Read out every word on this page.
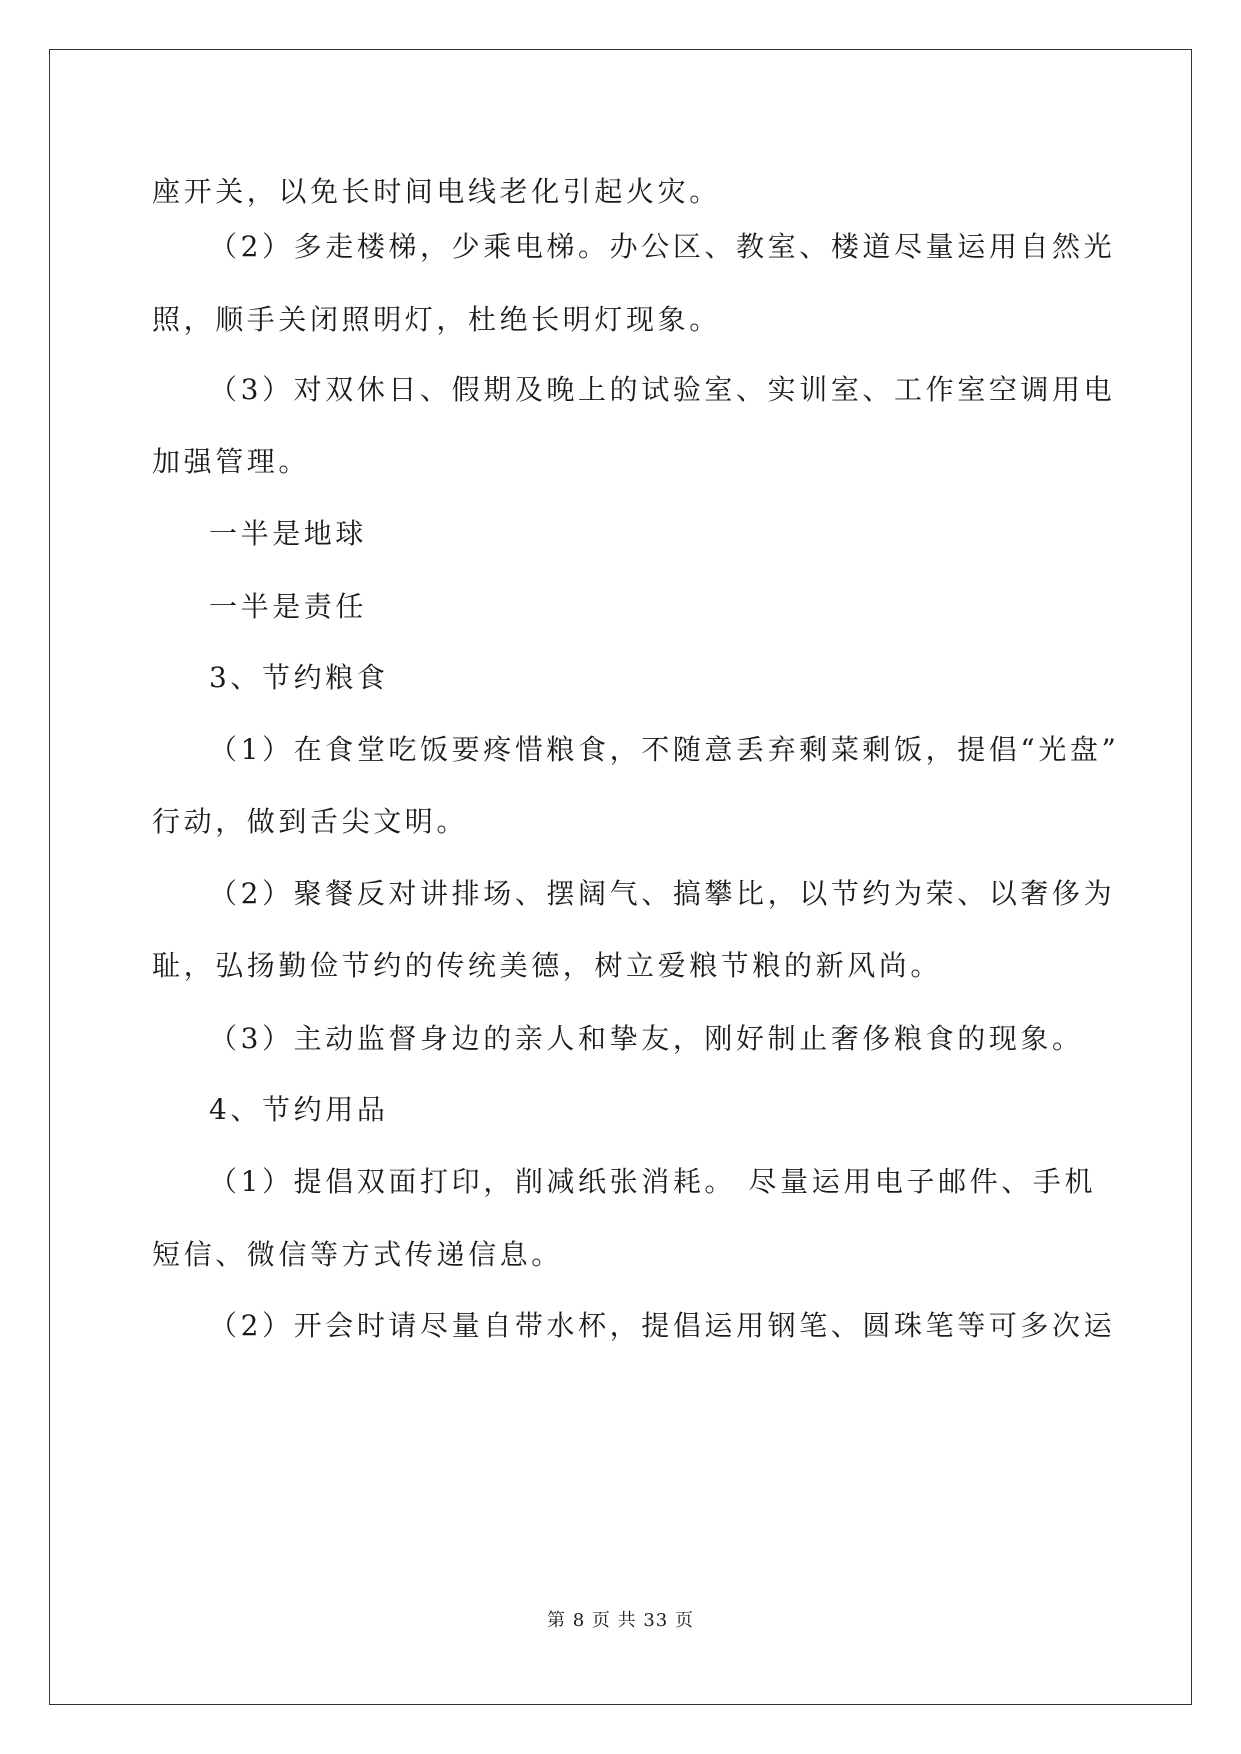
座开关，以免长时间电线老化引起火灾。

（2）多走楼梯，少乘电梯。办公区、教室、楼道尽量运用自然光

照，顺手关闭照明灯，杜绝长明灯现象。

（3）对双休日、假期及晚上的试验室、实训室、工作室空调用电

加强管理。

一半是地球

一半是责任

3、节约粮食

（1）在食堂吃饭要疼惜粮食，不随意丢弃剩菜剩饭，提倡“光盘”

行动，做到舌尖文明。

（2）聚餐反对讲排场、摆阔气、搞攀比，以节约为荣、以奢侈为

耻，弘扬勤俭节约的传统美德，树立爱粮节粮的新风尚。

（3）主动监督身边的亲人和挚友，刚好制止奢侈粮食的现象。

4、节约用品

（1）提倡双面打印，削减纸张消耗。 尽量运用电子邮件、手机

短信、微信等方式传递信息。

（2）开会时请尽量自带水杯，提倡运用钢笔、圆珠笔等可多次运

第 8 页 共 33 页
